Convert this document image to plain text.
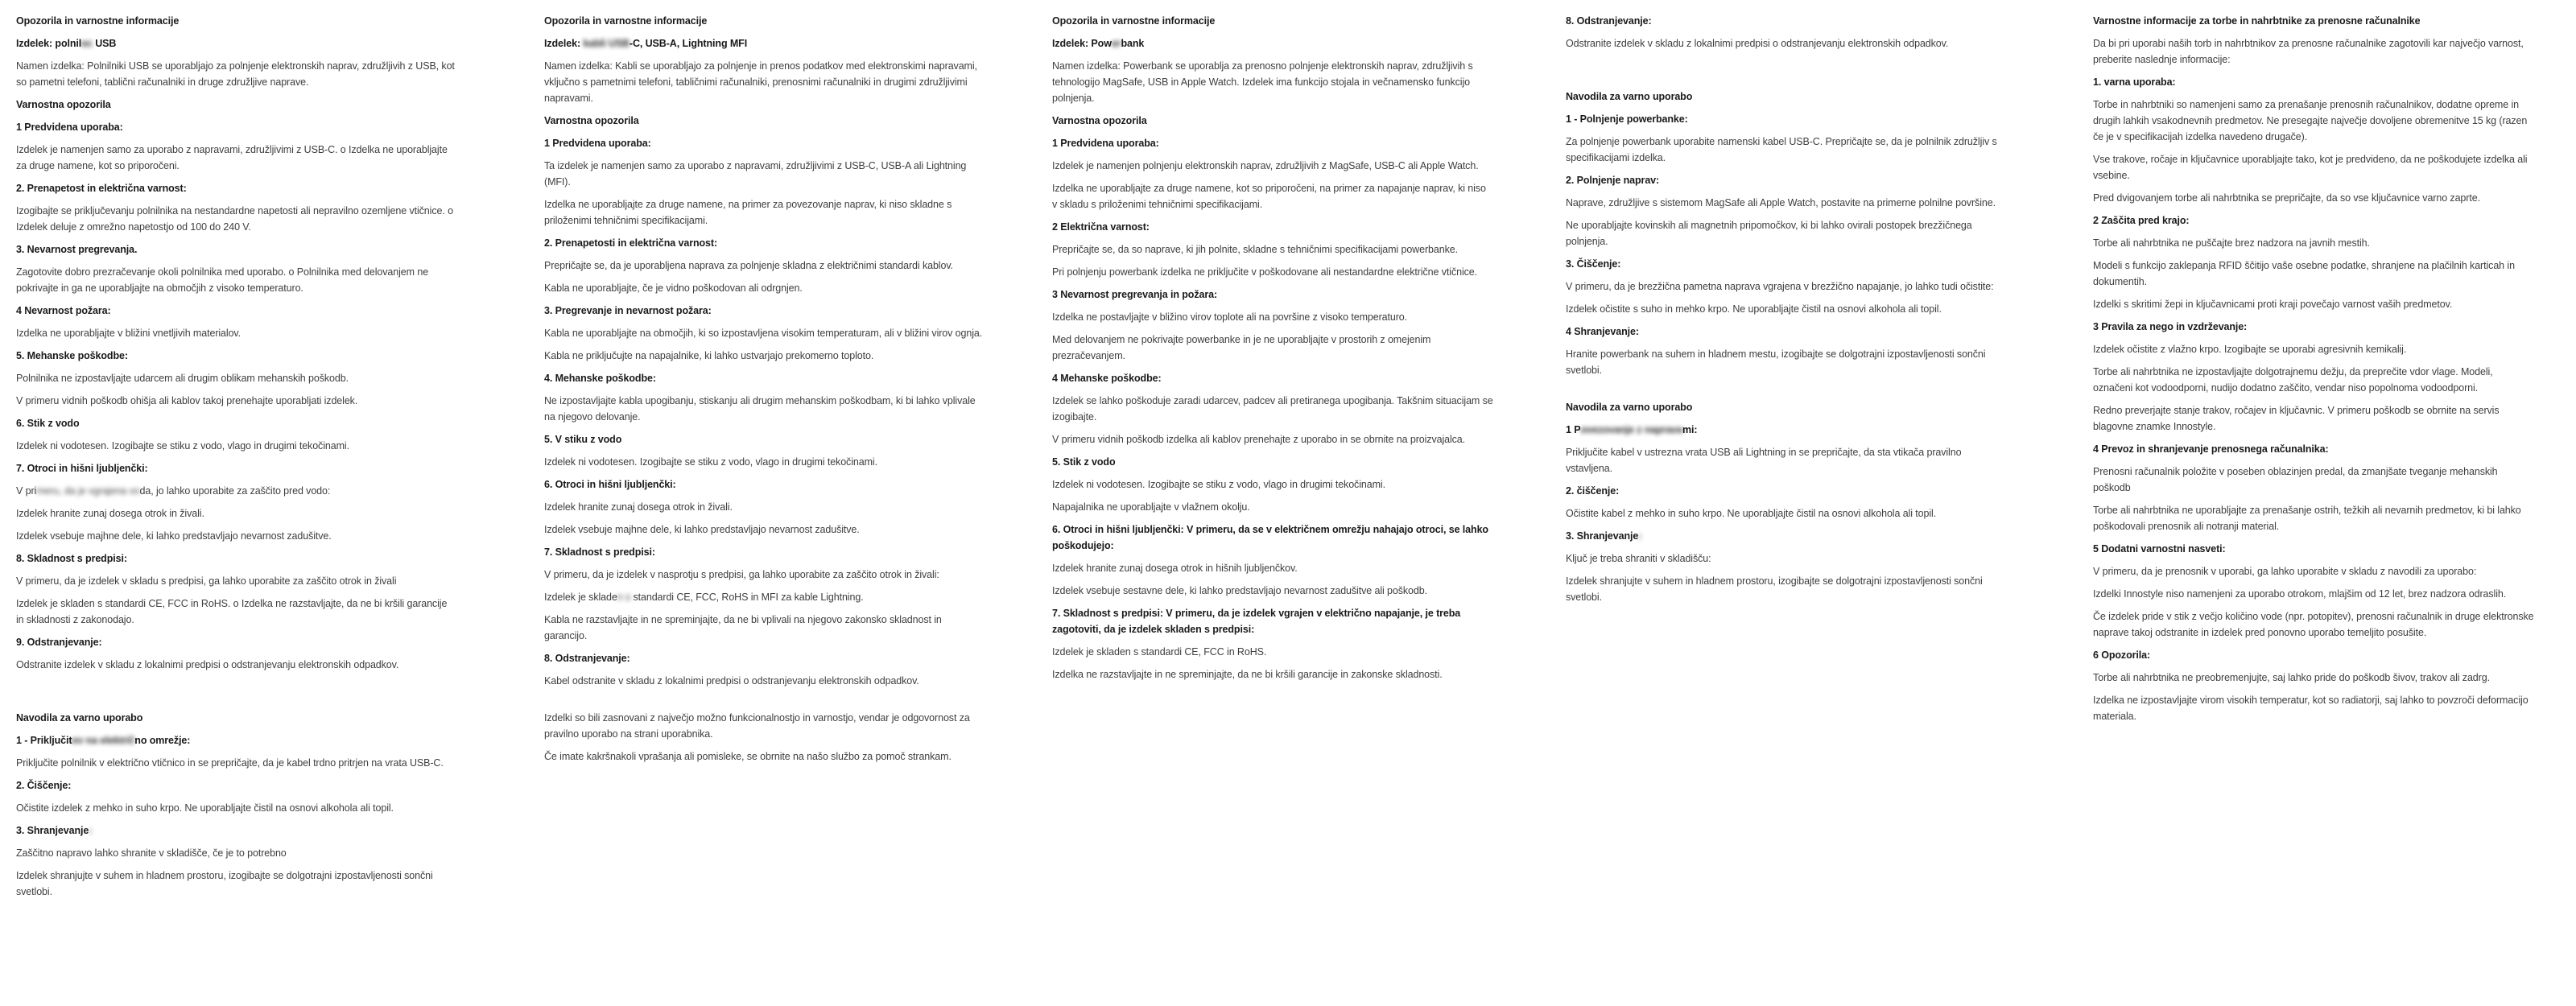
Opozorila in varnostne informacije

Izdelek: polnilec USB

Namen izdelka: Polnilniki USB se uporabljajo za polnjenje elektronskih naprav, združljivih z USB, kot so pametni telefoni, tablični računalniki in druge združljive naprave.

Varnostna opozorila

1 Predvidena uporaba:

Izdelek je namenjen samo za uporabo z napravami, združljivimi z USB-C. o Izdelka ne uporabljajte za druge namene, kot so priporočeni.

2. Prenapetost in električna varnost:

Izogibajte se priključevanju polnilnika na nestandardne napetosti ali nepravilno ozemljene vtičnice. o Izdelek deluje z omrežno napetostjo od 100 do 240 V.

3. Nevarnost pregrevanja.

Zagotovite dobro prezračevanje okoli polnilnika med uporabo. o Polnilnika med delovanjem ne pokrivajte in ga ne uporabljajte na območjih z visoko temperaturo.

4 Nevarnost požara:

Izdelka ne uporabljajte v bližini vnetljivih materialov.

5. Mehanske poškodbe:

Polnilnika ne izpostavljajte udarcem ali drugim oblikam mehanskih poškodb.

V primeru vidnih poškodb ohišja ali kablov takoj prenehajte uporabljati izdelek.

6. Stik z vodo

Izdelek ni vodotesen. Izogibajte se stiku z vodo, vlago in drugimi tekočinami.

7. Otroci in hišni ljubljenčki:

V primeru, da je vgrajena voda, jo lahko uporabite za zaščito pred vodo:

Izdelek hranite zunaj dosega otrok in živali.

Izdelek vsebuje majhne dele, ki lahko predstavljajo nevarnost zadušitve.

8. Skladnost s predpisi:

V primeru, da je izdelek v skladu s predpisi, ga lahko uporabite za zaščito otrok in živali

Izdelek je skladen s standardi CE, FCC in RoHS. o Izdelka ne razstavljajte, da ne bi kršili garancije in skladnosti z zakonodajo.

9. Odstranjevanje:

Odstranite izdelek v skladu z lokalnimi predpisi o odstranjevanju elektronskih odpadkov.

Navodila za varno uporabo

1 - Priključitev na električno omrežje:

Priključite polnilnik v električno vtičnico in se prepričajte, da je kabel trdno pritrjen na vrata USB-C.

2. Čiščenje:

Očistite izdelek z mehko in suho krpo. Ne uporabljajte čistil na osnovi alkohola ali topil.

3. Shranjevanje:

Zaščitno napravo lahko shranite v skladišče, če je to potrebno

Izdelek shranjujte v suhem in hladnem prostoru, izogibajte se dolgotrajni izpostavljenosti sončni svetlobi.

Opozorila in varnostne informacije

Izdelek: kabli USB-C, USB-A, Lightning MFI

Namen izdelka: Kabli se uporabljajo za polnjenje in prenos podatkov med elektronskimi napravami, vključno s pametnimi telefoni, tabličnimi računalniki, prenosnimi računalniki in drugimi združljivimi napravami.

Varnostna opozorila

1 Predvidena uporaba:

Ta izdelek je namenjen samo za uporabo z napravami, združljivimi z USB-C, USB-A ali Lightning (MFI).

Izdelka ne uporabljajte za druge namene, na primer za povezovanje naprav, ki niso skladne s priloženimi tehničnimi specifikacijami.

2. Prenapetosti in električna varnost:

Prepričajte se, da je uporabljena naprava za polnjenje skladna z električnimi standardi kablov.

Kabla ne uporabljajte, če je vidno poškodovan ali odrgnjen.

3. Pregrevanje in nevarnost požara:

Kabla ne uporabljajte na območjih, ki so izpostavljena visokim temperaturam, ali v bližini virov ognja.

Kabla ne priključujte na napajalnike, ki lahko ustvarjajo prekomerno toploto.

4. Mehanske poškodbe:

Ne izpostavljajte kabla upogibanju, stiskanju ali drugim mehanskim poškodbam, ki bi lahko vplivale na njegovo delovanje.

5. V stiku z vodo

Izdelek ni vodotesen. Izogibajte se stiku z vodo, vlago in drugimi tekočinami.

6. Otroci in hišni ljubljenčki:

Izdelek hranite zunaj dosega otrok in živali.

Izdelek vsebuje majhne dele, ki lahko predstavljajo nevarnost zadušitve.

7. Skladnost s predpisi:

V primeru, da je izdelek v nasprotju s predpisi, ga lahko uporabite za zaščito otrok in živali:

Izdelek je skladen s standardi CE, FCC, RoHS in MFI za kable Lightning.

Kabla ne razstavljajte in ne spreminjajte, da ne bi vplivali na njegovo zakonsko skladnost in garancijo.

8. Odstranjevanje:

Kabel odstranite v skladu z lokalnimi predpisi o odstranjevanju elektronskih odpadkov.

Izdelki so bili zasnovani z največjo možno funkcionalnostjo in varnostjo, vendar je odgovornost za pravilno uporabo na strani uporabnika.

Če imate kakršnakoli vprašanja ali pomisleke, se obrnite na našo službo za pomoč strankam.

Opozorila in varnostne informacije

Izdelek: Powerbank

Namen izdelka: Powerbank se uporablja za prenosno polnjenje elektronskih naprav, združljivih s tehnologijo MagSafe, USB in Apple Watch. Izdelek ima funkcijo stojala in večnamensko funkcijo polnjenja.

Varnostna opozorila

1 Predvidena uporaba:

Izdelek je namenjen polnjenju elektronskih naprav, združljivih z MagSafe, USB-C ali Apple Watch.

Izdelka ne uporabljajte za druge namene, kot so priporočeni, na primer za napajanje naprav, ki niso v skladu s priloženimi tehničnimi specifikacijami.

2 Električna varnost:

Prepričajte se, da so naprave, ki jih polnite, skladne s tehničnimi specifikacijami powerbanke.

Pri polnjenju powerbank izdelka ne priključite v poškodovane ali nestandardne električne vtičnice.

3 Nevarnost pregrevanja in požara:

Izdelka ne postavljajte v bližino virov toplote ali na površine z visoko temperaturo.

Med delovanjem ne pokrivajte powerbanke in je ne uporabljajte v prostorih z omejenim prezračevanjem.

4 Mehanske poškodbe:

Izdelek se lahko poškoduje zaradi udarcev, padcev ali pretiranega upogibanja. Takšnim situacijam se izogibajte.

V primeru vidnih poškodb izdelka ali kablov prenehajte z uporabo in se obrnite na proizvajalca.

5. Stik z vodo

Izdelek ni vodotesen. Izogibajte se stiku z vodo, vlago in drugimi tekočinami.

Napajalnika ne uporabljajte v vlažnem okolju.

6. Otroci in hišni ljubljenčki: V primeru, da se v električnem omrežju nahajajo otroci, se lahko poškodujejo:

Izdelek hranite zunaj dosega otrok in hišnih ljubljenčkov.

Izdelek vsebuje sestavne dele, ki lahko predstavljajo nevarnost zadušitve ali poškodb.

7. Skladnost s predpisi: V primeru, da je izdelek vgrajen v električno napajanje, je treba zagotoviti, da je izdelek skladen s predpisi:

Izdelek je skladen s standardi CE, FCC in RoHS.

Izdelka ne razstavljajte in ne spreminjajte, da ne bi kršili garancije in zakonske skladnosti.

8. Odstranjevanje:

Odstranite izdelek v skladu z lokalnimi predpisi o odstranjevanju elektronskih odpadkov.

Navodila za varno uporabo

1 - Polnjenje powerbanke:

Za polnjenje powerbank uporabite namenski kabel USB-C. Prepričajte se, da je polnilnik združljiv s specifikacijami izdelka.

2. Polnjenje naprav:

Naprave, združljive s sistemom MagSafe ali Apple Watch, postavite na primerne polnilne površine.

Ne uporabljajte kovinskih ali magnetnih pripomočkov, ki bi lahko ovirali postopek brezžičnega polnjenja.

3. Čiščenje:

V primeru, da je brezžična pametna naprava vgrajena v brezžično napajanje, jo lahko tudi očistite:

Izdelek očistite s suho in mehko krpo. Ne uporabljajte čistil na osnovi alkohola ali topil.

4 Shranjevanje:

Hranite powerbank na suhem in hladnem mestu, izogibajte se dolgotrajni izpostavljenosti sončni svetlobi.

Navodila za varno uporabo

1 Povezovanje z napravami:

Priključite kabel v ustrezna vrata USB ali Lightning in se prepričajte, da sta vtikača pravilno vstavljena.

2. čiščenje:

Očistite kabel z mehko in suho krpo. Ne uporabljajte čistil na osnovi alkohola ali topil.

3. Shranjevanje:

Ključ je treba shraniti v skladišču:

Izdelek shranjujte v suhem in hladnem prostoru, izogibajte se dolgotrajni izpostavljenosti sončni svetlobi.

Varnostne informacije za torbe in nahrbtnike za prenosne računalnike

Da bi pri uporabi naših torb in nahrbtnikov za prenosne računalnike zagotovili kar največjo varnost, preberite naslednje informacije:

1. varna uporaba:

Torbe in nahrbtniki so namenjeni samo za prenašanje prenosnih računalnikov, dodatne opreme in drugih lahkih vsakodnevnih predmetov. Ne presegajte največje dovoljene obremenitve 15 kg (razen če je v specifikacijah izdelka navedeno drugače).

Vse trakove, ročaje in ključavnice uporabljajte tako, kot je predvideno, da ne poškodujete izdelka ali vsebine.

Pred dvigovanjem torbe ali nahrbtnika se prepričajte, da so vse ključavnice varno zaprte.

2 Zaščita pred krajo:

Torbe ali nahrbtnika ne puščajte brez nadzora na javnih mestih.

Modeli s funkcijo zaklepanja RFID ščitijo vaše osebne podatke, shranjene na plačilnih karticah in dokumentih.

Izdelki s skritimi žepi in ključavnicami proti kraji povečajo varnost vaših predmetov.

3 Pravila za nego in vzdrževanje:

Izdelek očistite z vlažno krpo. Izogibajte se uporabi agresivnih kemikalij.

Torbe ali nahrbtnika ne izpostavljajte dolgotrajnemu dežju, da preprečite vdor vlage. Modeli, označeni kot vodoodporni, nudijo dodatno zaščito, vendar niso popolnoma vodoodporni.

Redno preverjajte stanje trakov, ročajev in ključavnic. V primeru poškodb se obrnite na servis blagovne znamke Innostyle.

4 Prevoz in shranjevanje prenosnega računalnika:

Prenosni računalnik položite v poseben oblazinjen predal, da zmanjšate tveganje mehanskih poškodb

Torbe ali nahrbtnika ne uporabljajte za prenašanje ostrih, težkih ali nevarnih predmetov, ki bi lahko poškodovali prenosnik ali notranji material.

5 Dodatni varnostni nasveti:

V primeru, da je prenosnik v uporabi, ga lahko uporabite v skladu z navodili za uporabo:

Izdelki Innostyle niso namenjeni za uporabo otrokom, mlajšim od 12 let, brez nadzora odraslih.

Če izdelek pride v stik z večjo količino vode (npr. potopitev), prenosni računalnik in druge elektronske naprave takoj odstranite in izdelek pred ponovno uporabo temeljito posušite.

6 Opozorila:

Torbe ali nahrbtnika ne preobremenjujte, saj lahko pride do poškodb šivov, trakov ali zadrg.

Izdelka ne izpostavljajte virom visokih temperatur, kot so radiatorji, saj lahko to povzroči deformacijo materiala.
